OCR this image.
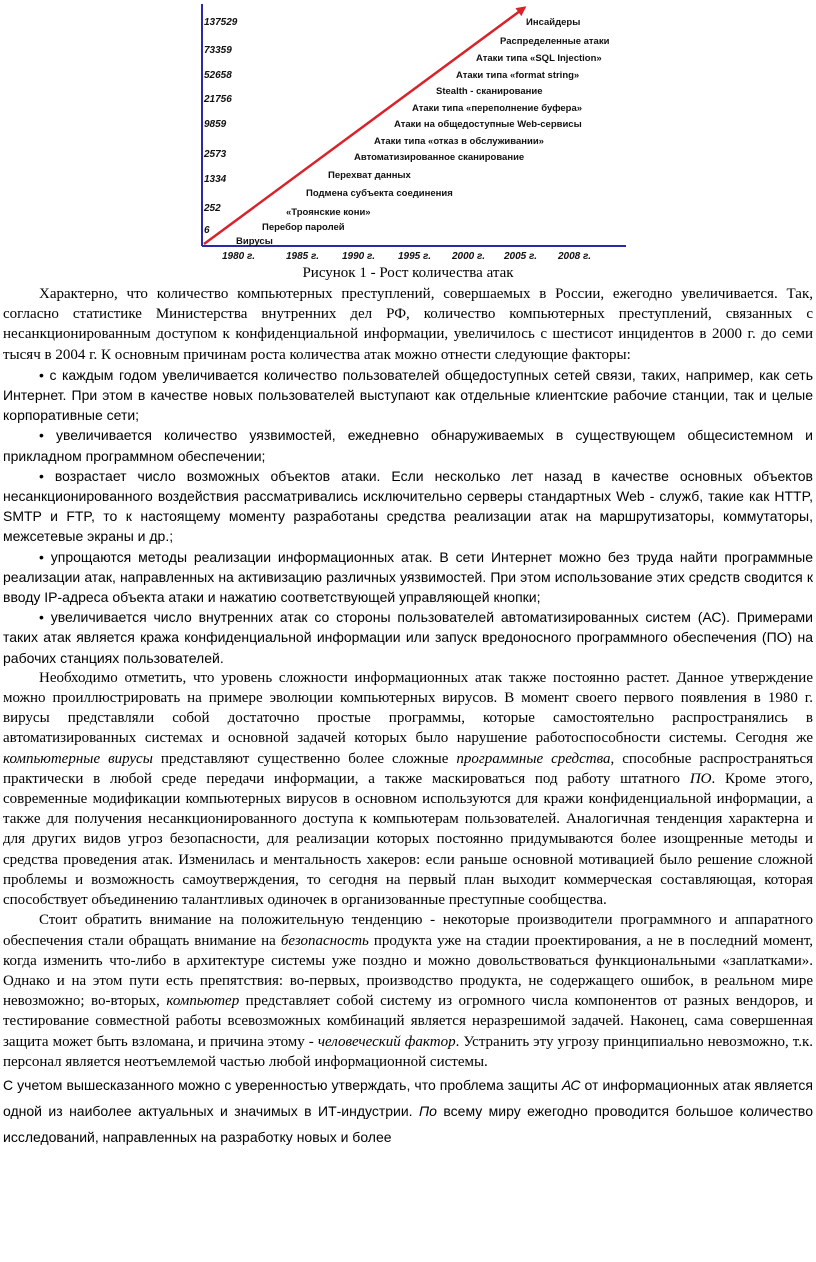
137529
73359
52658
21756
9859
2573
1334
252
6
1980 г.	1985 г. 1990 г. 1995 г. 2000 г. 2005 г. 2008 г.
Инсайдеры
Распределенные атаки
Атаки типа «SQL Injection»
Атаки типа «format string»
Stealth - сканирование
Атаки типа «переполнение буфера»
Атаки на общедоступные Web-сервисы
Атаки типа «отказ в обслуживании»
Автоматизированное сканирование
Перехват данных
Подмена субъекта соединения
«Троянские кони»
Перебор паролей
Вирусы
Рисунок 1 - Рост количества атак

Характерно, что количество компьютерных преступлений, совершаемых в России, ежегодно увеличивается. Так, согласно статистике Министерства внутренних дел РФ, количество компьютерных преступлений, связанных с несанкционированным доступом к конфиденциальной информации, увеличилось с шестисот инцидентов в 2000 г. до семи тысяч в 2004 г. К основным причинам роста количества атак можно отнести следующие факторы:

• с каждым годом увеличивается количество пользователей общедоступных сетей связи, таких, например, как сеть Интернет. При этом в качестве новых пользователей выступают как отдельные клиентские рабочие станции, так и целые корпоративные сети;

• увеличивается количество уязвимостей, ежедневно обнаруживаемых в существующем общесистемном и прикладном программном обеспечении;

• возрастает число возможных объектов атаки. Если несколько лет назад в качестве основных объектов несанкционированного воздействия рассматривались исключительно серверы стандартных Web - служб, такие как HTTP, SMTP и FTP, то к настоящему моменту разработаны средства реализации атак на маршрутизаторы, коммутаторы, межсетевые экраны и др.;

• упрощаются методы реализации информационных атак. В сети Интернет можно без труда найти программные реализации атак, направленных на активизацию различных уязвимостей. При этом использование этих средств сводится к вводу IP-адреса объекта атаки и нажатию соответствующей управляющей кнопки;

• увеличивается число внутренних атак со стороны пользователей автоматизированных систем (АС). Примерами таких атак является кража конфиденциальной информации или запуск вредоносного программного обеспечения (ПО) на рабочих станциях пользователей.

Необходимо отметить, что уровень сложности информационных атак также постоянно растет. Данное утверждение можно проиллюстрировать на примере эволюции компьютерных вирусов. В момент своего первого появления в 1980 г. вирусы представляли собой достаточно простые программы, которые самостоятельно распространялись в автоматизированных системах и основной задачей которых было нарушение работоспособности системы. Сегодня же компьютерные вирусы представляют существенно более сложные программные средства, способные распространяться практически в любой среде передачи информации, а также маскироваться под работу штатного ПО. Кроме этого, современные модификации компьютерных вирусов в основном используются для кражи конфиденциальной информации, а также для получения несанкционированного доступа к компьютерам пользователей. Аналогичная тенденция характерна и для других видов угроз безопасности, для реализации которых постоянно придумываются более изощренные методы и средства проведения атак. Изменилась и ментальность хакеров: если раньше основной мотивацией было решение сложной проблемы и возможность самоутверждения, то сегодня на первый план выходит коммерческая составляющая, которая способствует объединению талантливых одиночек в организованные преступные сообщества.

Стоит обратить внимание на положительную тенденцию - некоторые производители программного и аппаратного обеспечения стали обращать внимание на безопасность продукта уже на стадии проектирования, а не в последний момент, когда изменить что-либо в архитектуре системы уже поздно и можно довольствоваться функциональными «заплатками». Однако и на этом пути есть препятствия: во-первых, производство продукта, не содержащего ошибок, в реальном мире невозможно; во-вторых, компьютер представляет собой систему из огромного числа компонентов от разных вендоров, и тестирование совместной работы всевозможных комбинаций является неразрешимой задачей. Наконец, сама совершенная защита может быть взломана, и причина этому - человеческий фактор. Устранить эту угрозу принципиально невозможно, т.к. персонал является неотъемлемой частью любой информационной системы.

С учетом вышесказанного можно с уверенностью утверждать, что проблема защиты АС от информационных атак является одной из наиболее актуальных и значимых в ИТ-индустрии. По всему миру ежегодно проводится большое количество исследований, направленных на разработку новых и более
